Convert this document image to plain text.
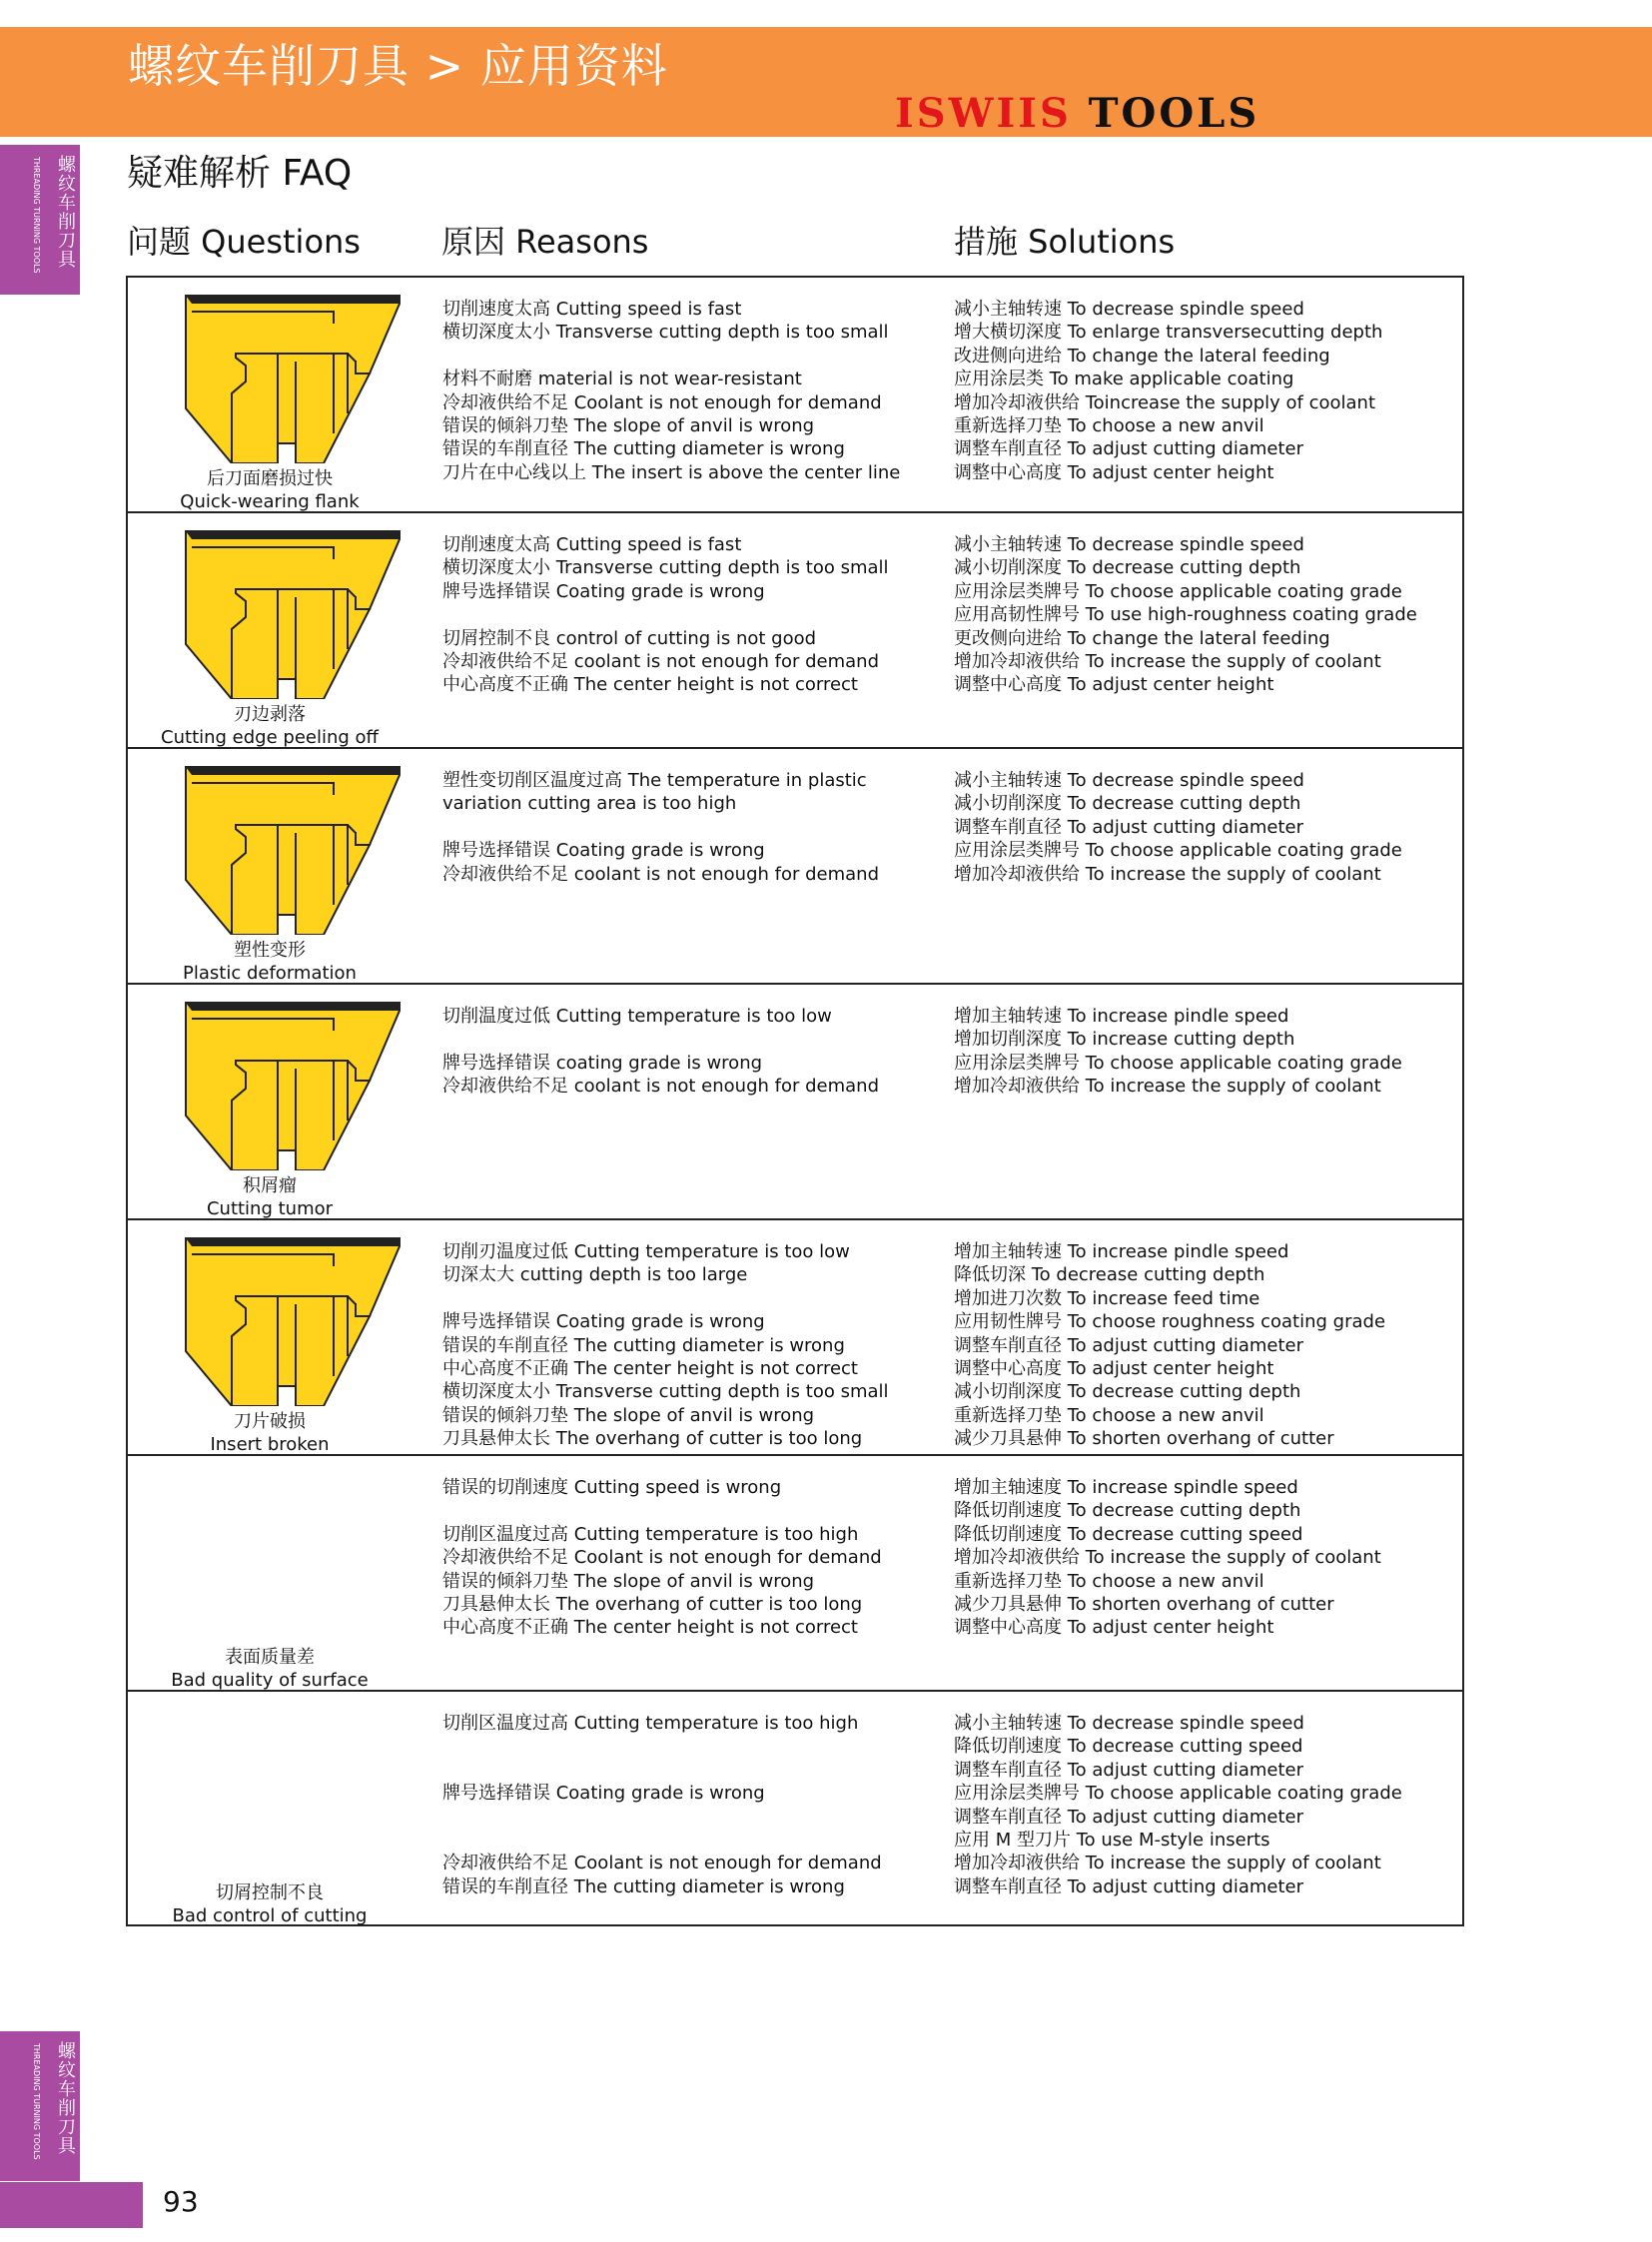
螺纹车削刀具 > 应用资料
ISWIIS TOOLS
螺纹车削刀具
THREADING TURNING TOOLS 疑难解析 FAQ
问题 Questions	原因 Reasons	措施 Solutions
后刀面磨损过快
Quick-wearing flank
切削速度太高 Cutting speed is fast
横切深度太小 Transverse cutting depth is too small
材料不耐磨 material is not wear-resistant
冷却液供给不足 Coolant is not enough for demand
错误的倾斜刀垫 The slope of anvil is wrong
错误的车削直径 The cutting diameter is wrong
刀片在中心线以上 The insert is above the center line
减小主轴转速 To decrease spindle speed
增大横切深度 To enlarge transversecutting depth
改进侧向进给 To change the lateral feeding
应用涂层类 To make applicable coating
增加冷却液供给 Toincrease the supply of coolant
重新选择刀垫 To choose a new anvil
调整车削直径 To adjust cutting diameter
调整中心高度 To adjust center height
刃边剥落
Cutting edge peeling off
切削速度太高 Cutting speed is fast
横切深度太小 Transverse cutting depth is too small
牌号选择错误 Coating grade is wrong
切屑控制不良 control of cutting is not good
冷却液供给不足 coolant is not enough for demand
中心高度不正确 The center height is not correct
减小主轴转速 To decrease spindle speed
减小切削深度 To decrease cutting depth
应用涂层类牌号 To choose applicable coating grade
应用高韧性牌号 To use high-roughness coating grade
更改侧向进给 To change the lateral feeding
增加冷却液供给 To increase the supply of coolant
调整中心高度 To adjust center height
塑性变形
Plastic deformation
塑性变切削区温度过高 The temperature in plastic
variation cutting area is too high
牌号选择错误 Coating grade is wrong
冷却液供给不足 coolant is not enough for demand
减小主轴转速 To decrease spindle speed
减小切削深度 To decrease cutting depth
调整车削直径 To adjust cutting diameter
应用涂层类牌号 To choose applicable coating grade
增加冷却液供给 To increase the supply of coolant
积屑瘤
Cutting tumor
切削温度过低 Cutting temperature is too low
牌号选择错误 coating grade is wrong
冷却液供给不足 coolant is not enough for demand
增加主轴转速 To increase pindle speed
增加切削深度 To increase cutting depth
应用涂层类牌号 To choose applicable coating grade
增加冷却液供给 To increase the supply of coolant
刀片破损
Insert broken
切削刃温度过低 Cutting temperature is too low
切深太大 cutting depth is too large
牌号选择错误 Coating grade is wrong
错误的车削直径 The cutting diameter is wrong
中心高度不正确 The center height is not correct
横切深度太小 Transverse cutting depth is too small
错误的倾斜刀垫 The slope of anvil is wrong
刀具悬伸太长 The overhang of cutter is too long
增加主轴转速 To increase pindle speed
降低切深 To decrease cutting depth
增加进刀次数 To increase feed time
应用韧性牌号 To choose roughness coating grade
调整车削直径 To adjust cutting diameter
调整中心高度 To adjust center height
减小切削深度 To decrease cutting depth
重新选择刀垫 To choose a new anvil
减少刀具悬伸 To shorten overhang of cutter
表面质量差
Bad quality of surface
错误的切削速度 Cutting speed is wrong
切削区温度过高 Cutting temperature is too high
冷却液供给不足 Coolant is not enough for demand
错误的倾斜刀垫 The slope of anvil is wrong
刀具悬伸太长 The overhang of cutter is too long
中心高度不正确 The center height is not correct
增加主轴速度 To increase spindle speed
降低切削速度 To decrease cutting depth
降低切削速度 To decrease cutting speed
增加冷却液供给 To increase the supply of coolant
重新选择刀垫 To choose a new anvil
减少刀具悬伸 To shorten overhang of cutter
调整中心高度 To adjust center height
切屑控制不良
Bad control of cutting
切削区温度过高 Cutting temperature is too high
牌号选择错误 Coating grade is wrong
冷却液供给不足 Coolant is not enough for demand
错误的车削直径 The cutting diameter is wrong
减小主轴转速 To decrease spindle speed
降低切削速度 To decrease cutting speed
调整车削直径 To adjust cutting diameter
应用涂层类牌号 To choose applicable coating grade
调整车削直径 To adjust cutting diameter
应用 M 型刀片 To use M-style inserts
增加冷却液供给 To increase the supply of coolant
调整车削直径 To adjust cutting diameter
螺纹车削刀具
THREADING TURNING TOOLS
93
